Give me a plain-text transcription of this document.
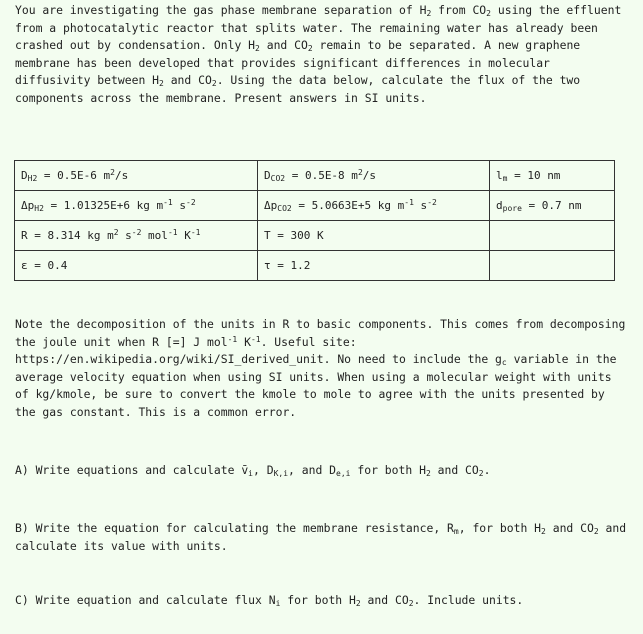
You are investigating the gas phase membrane separation of $H_2$ from $CO_2$ using the effluent from a photocatalytic reactor that splits water. The remaining water has already been crashed out by condensation. Only $H_2$ and $CO_2$ remain to be separated. A new graphene membrane has been developed that provides significant differences in molecular diffusivity between $H_2$ and $CO_2$. Using the data below, calculate the flux of the two components across the membrane. Present answers in SI units.
$D_{H2} = 0.5E-6$ $m^2/s$	$D_{CO2} = 0.5E-8$ $m^2/s$	$l_m = 10$ nm
$\Delta p_{H2} = 1.01325E+6$ kg $m^{-1}$ $s^{-2}$	$\Delta p_{CO2} = 5.0663E+5$ kg $m^{-1}$ $s^{-2}$	$d_{pore} = 0.7$ nm
R = 8.314 kg $m^2$ $s^{-2}$ mol$^{-1}$ $K^{-1}$	T = 300 K	
ε = 0.4	τ = 1.2	
Note the decomposition of the units in R to basic components. This comes from decomposing the joule unit when R [=] J mol$^{-1}$ $K^{-1}$. Useful site: https://en.wikipedia.org/wiki/SI_derived_unit. No need to include the $g_c$ variable in the average velocity equation when using SI units. When using a molecular weight with units of kg/kmole, be sure to convert the kmole to mole to agree with the units presented by the gas constant. This is a common error.
A) Write equations and calculate $v̄_i$, $D_{K,i}$, and $D_{e,i}$ for both $H_2$ and $CO_2$.
B) Write the equation for calculating the membrane resistance, $R_m$, for both $H_2$ and $CO_2$ and calculate its value with units.
C) Write equation and calculate flux $N_i$ for both $H_2$ and $CO_2$. Include units.
